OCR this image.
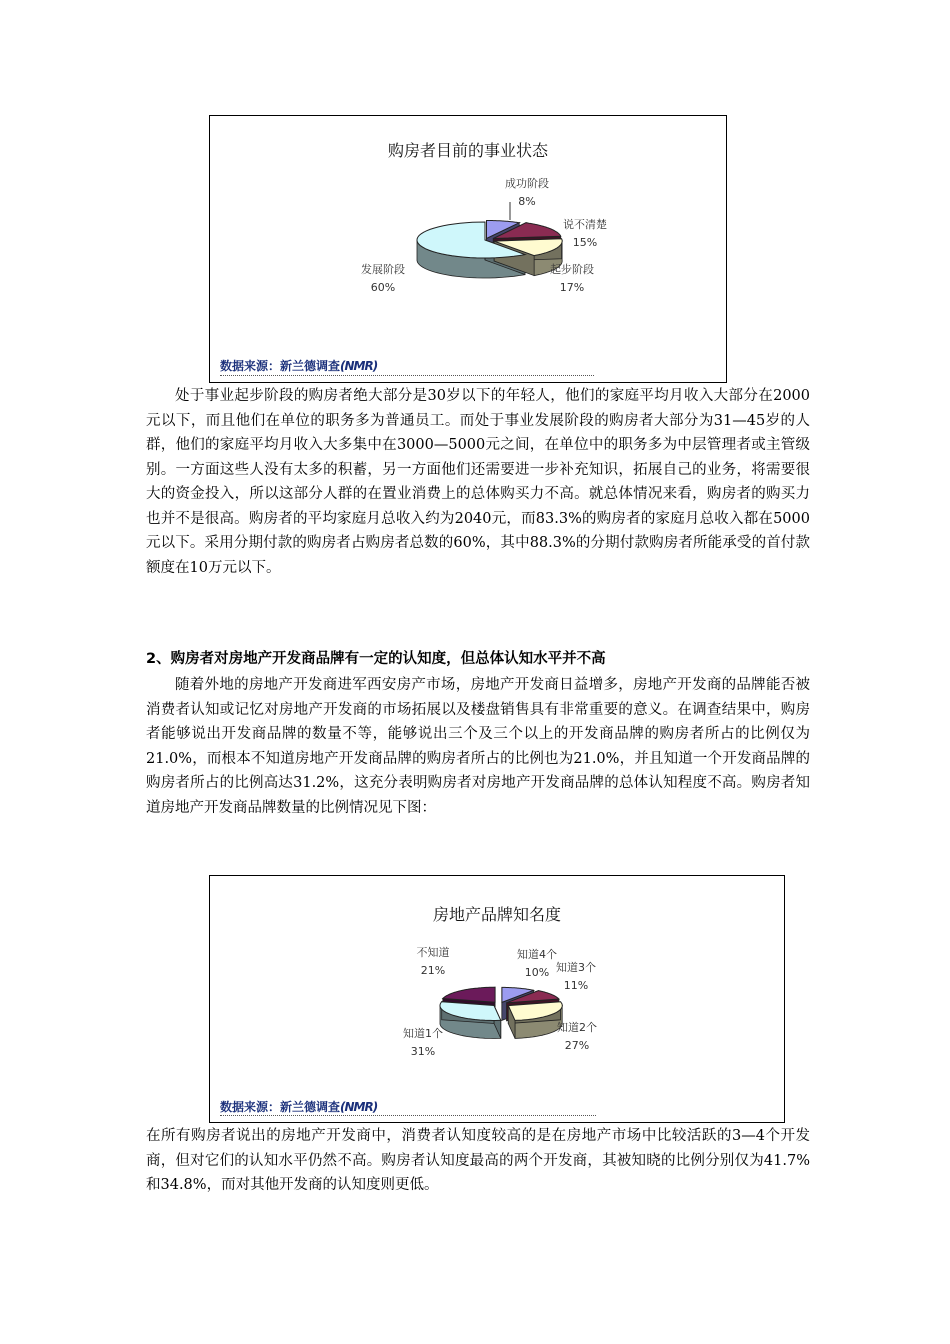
购房者目前的事业状态
成功阶段
8%
说不清楚
15%
起步阶段
17%
发展阶段
60%
数据来源：新兰德调查(NMR)

处于事业起步阶段的购房者绝大部分是30岁以下的年轻人，他们的家庭平均月收入大部分在2000元以下，而且他们在单位的职务多为普通员工。而处于事业发展阶段的购房者大部分为31—45岁的人群，他们的家庭平均月收入大多集中在3000—5000元之间，在单位中的职务多为中层管理者或主管级别。一方面这些人没有太多的积蓄，另一方面他们还需要进一步补充知识，拓展自己的业务，将需要很大的资金投入，所以这部分人群的在置业消费上的总体购买力不高。就总体情况来看，购房者的购买力也并不是很高。购房者的平均家庭月总收入约为2040元，而83.3%的购房者的家庭月总收入都在5000元以下。采用分期付款的购房者占购房者总数的60%，其中88.3%的分期付款购房者所能承受的首付款额度在10万元以下。

2、购房者对房地产开发商品牌有一定的认知度，但总体认知水平并不高

随着外地的房地产开发商进军西安房产市场，房地产开发商日益增多，房地产开发商的品牌能否被消费者认知或记忆对房地产开发商的市场拓展以及楼盘销售具有非常重要的意义。在调查结果中，购房者能够说出开发商品牌的数量不等，能够说出三个及三个以上的开发商品牌的购房者所占的比例仅为21.0%，而根本不知道房地产开发商品牌的购房者所占的比例也为21.0%，并且知道一个开发商品牌的购房者所占的比例高达31.2%，这充分表明购房者对房地产开发商品牌的总体认知程度不高。购房者知道房地产开发商品牌数量的比例情况见下图：

房地产品牌知名度
知道4个
10% 知道3个
11%
知道2个
27%
知道1个
31%
不知道
21%
数据来源：新兰德调查(NMR)

在所有购房者说出的房地产开发商中，消费者认知度较高的是在房地产市场中比较活跃的3—4个开发商，但对它们的认知水平仍然不高。购房者认知度最高的两个开发商，其被知晓的比例分别仅为41.7%和34.8%，而对其他开发商的认知度则更低。
